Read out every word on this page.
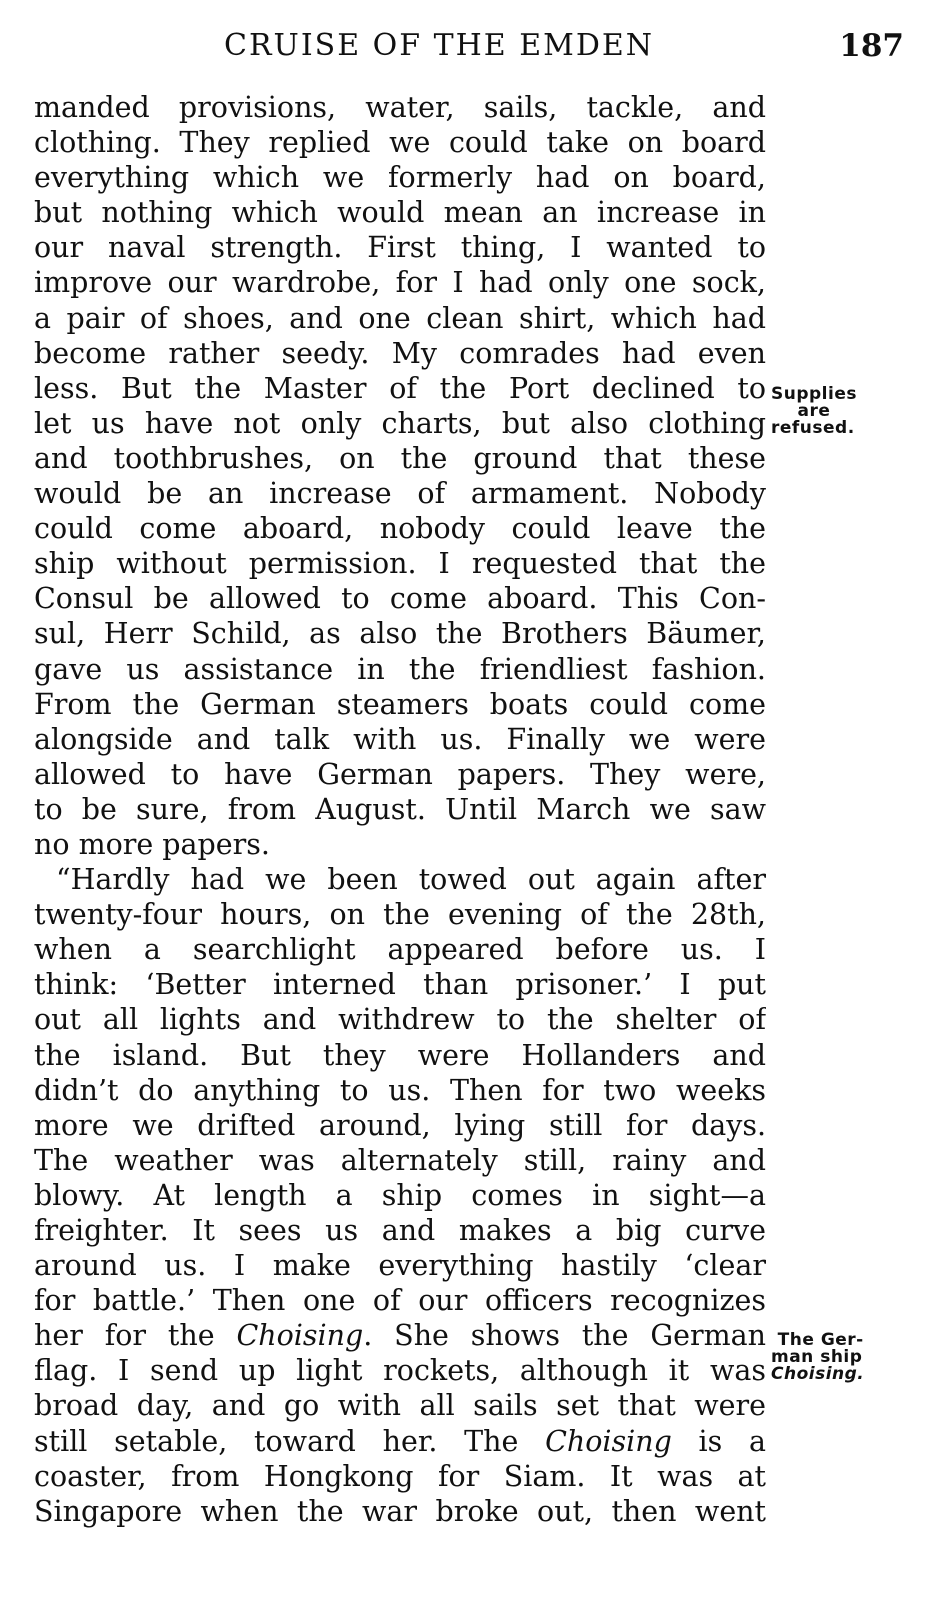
CRUISE OF THE EMDEN	187
manded provisions, water, sails, tackle, and
clothing. They replied we could take on board
everything which we formerly had on board,
but nothing which would mean an increase in
our naval strength. First thing, I wanted to
improve our wardrobe, for I had only one sock,
a pair of shoes, and one clean shirt, which had
become rather seedy. My comrades had even
less. But the Master of the Port declined to
let us have not only charts, but also clothing
and toothbrushes, on the ground that these
would be an increase of armament. Nobody
could come aboard, nobody could leave the
ship without permission. I requested that the
Consul be allowed to come aboard. This Con-
sul, Herr Schild, as also the Brothers Bäumer,
gave us assistance in the friendliest fashion.
From the German steamers boats could come
alongside and talk with us. Finally we were
allowed to have German papers. They were,
to be sure, from August. Until March we saw
no more papers.
“Hardly had we been towed out again after
twenty-four hours, on the evening of the 28th,
when a searchlight appeared before us. I
think: ‘Better interned than prisoner.’ I put
out all lights and withdrew to the shelter of
the island. But they were Hollanders and
didn’t do anything to us. Then for two weeks
more we drifted around, lying still for days.
The weather was alternately still, rainy and
blowy. At length a ship comes in sight—a
freighter. It sees us and makes a big curve
around us. I make everything hastily ‘clear
for battle.’ Then one of our officers recognizes
her for the Choising. She shows the German
flag. I send up light rockets, although it was
broad day, and go with all sails set that were
still setable, toward her. The Choising is a
coaster, from Hongkong for Siam. It was at
Singapore when the war broke out, then went
Supplies
are
refused.
The Ger-
man ship
Choising.
